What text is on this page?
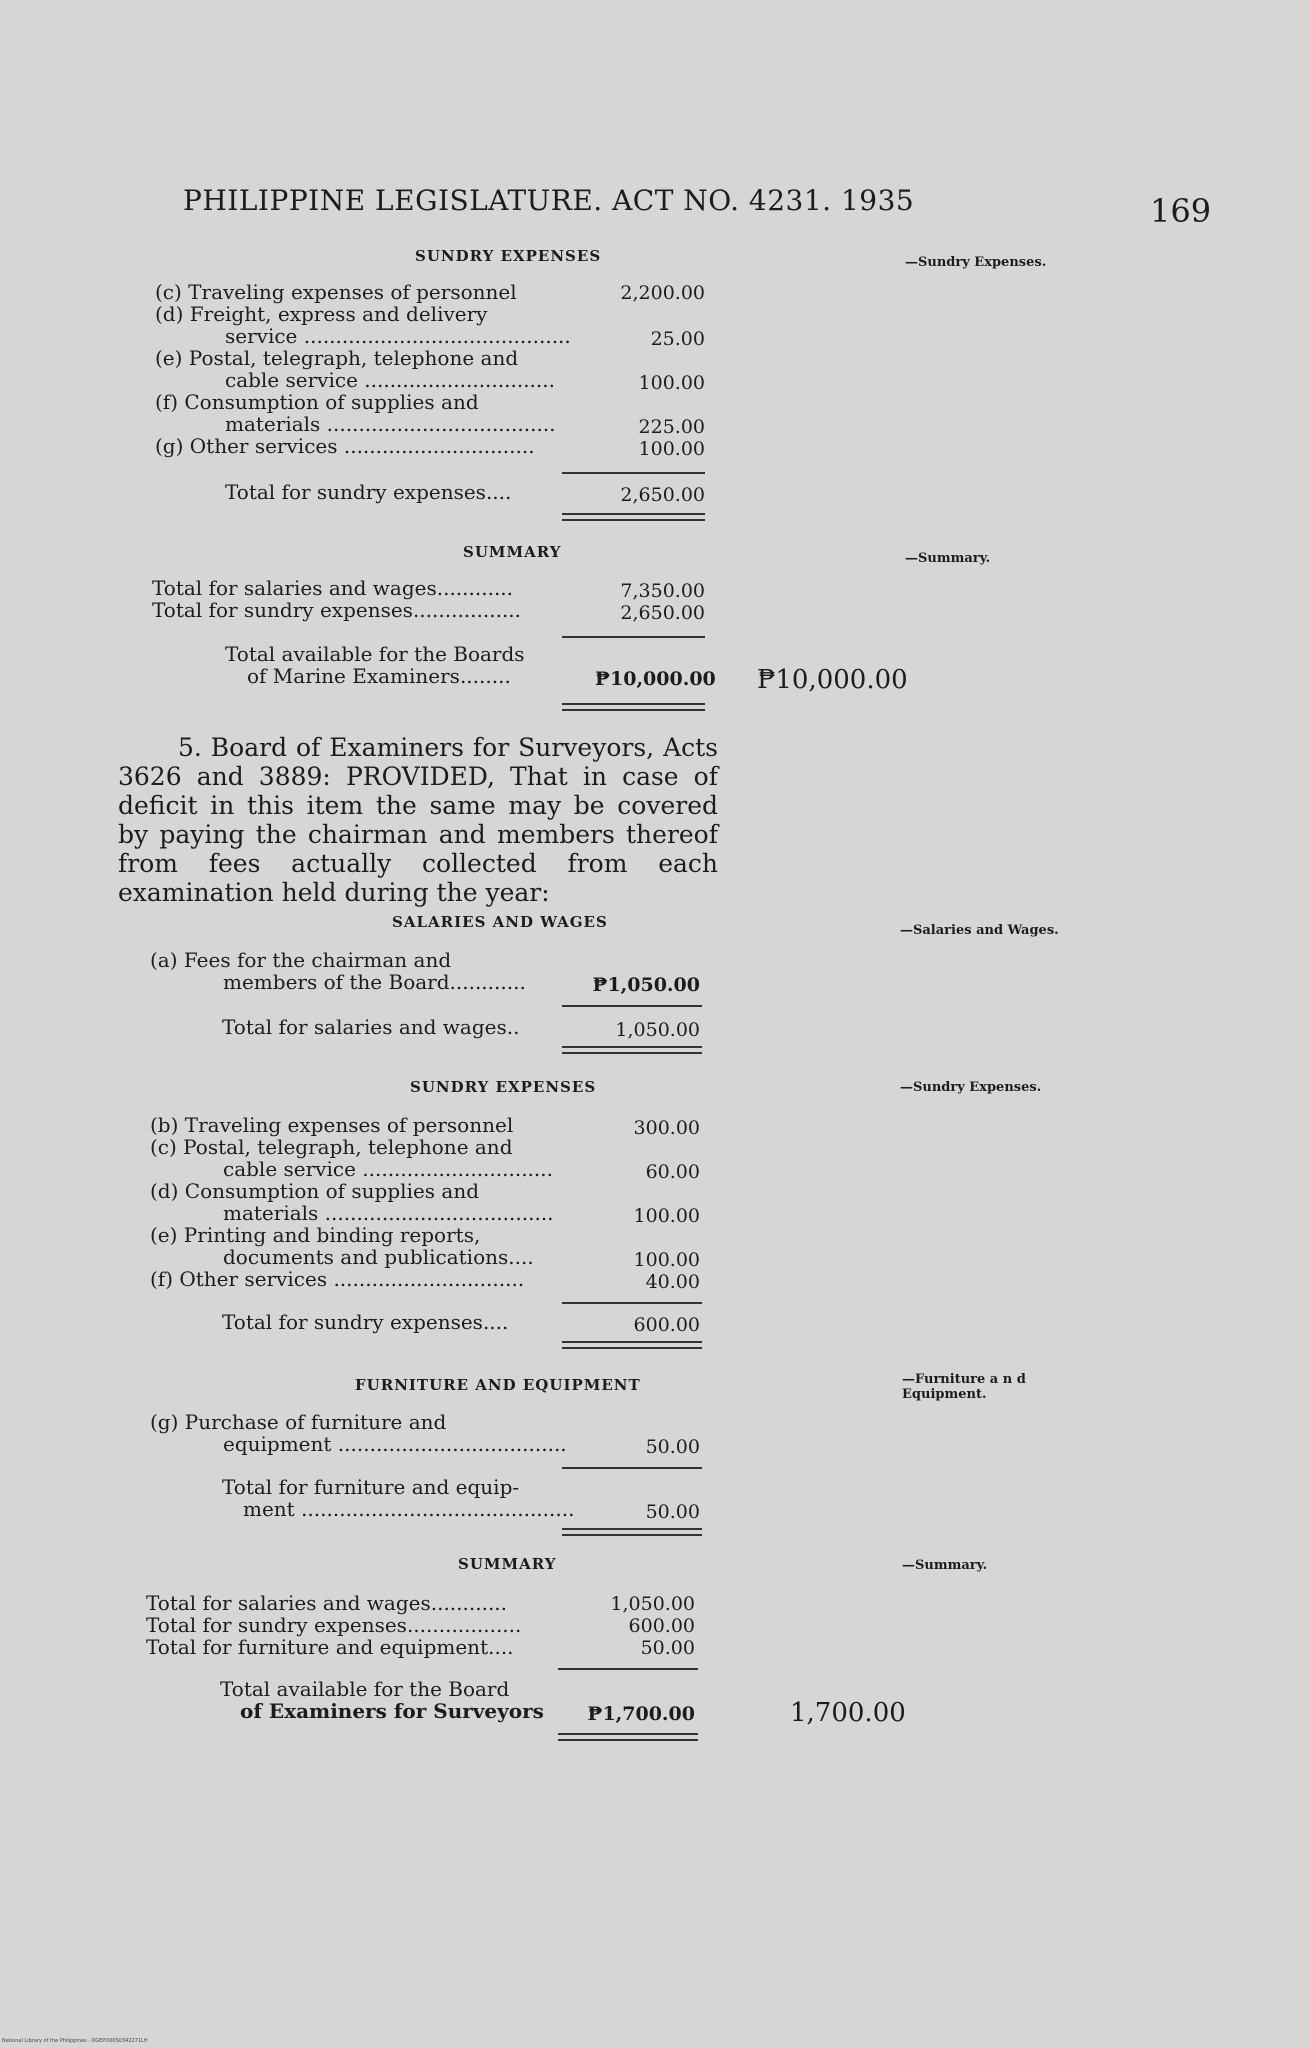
PHILIPPINE LEGISLATURE. ACT NO. 4231. 1935	169
SUNDRY EXPENSES	—Sundry Expenses.
(c) Traveling expenses of personnel	2,200.00
(d) Freight, express and delivery
service ..........................................	25.00
(e) Postal, telegraph, telephone and
cable service ..............................	100.00
(f) Consumption of supplies and
materials ....................................	225.00
(g) Other services ..............................	100.00
Total for sundry expenses....	2,650.00
SUMMARY	—Summary.
Total for salaries and wages............	7,350.00
Total for sundry expenses.................	2,650.00
Total available for the Boards
of Marine Examiners........	₱10,000.00 ₱10,000.00
5. Board of Examiners for Surveyors, Acts 3626 and 3889: PROVIDED, That in case of deficit in this item the same may be covered by paying the chairman and members thereof from fees actually collected from each examination held during the year:
SALARIES AND WAGES	—Salaries and Wages.
(a) Fees for the chairman and
members of the Board............	₱1,050.00
Total for salaries and wages..	1,050.00
SUNDRY EXPENSES	—Sundry Expenses.
(b) Traveling expenses of personnel	300.00
(c) Postal, telegraph, telephone and
cable service ..............................	60.00
(d) Consumption of supplies and
materials ....................................	100.00
(e) Printing and binding reports,
documents and publications....	100.00
(f) Other services ..............................	40.00
Total for sundry expenses....	600.00
FURNITURE AND EQUIPMENT	—Furniture a n d
Equipment.
(g) Purchase of furniture and
equipment ....................................	50.00
Total for furniture and equip-
ment ...........................................	50.00
SUMMARY	—Summary.
Total for salaries and wages............	1,050.00
Total for sundry expenses..................	600.00
Total for furniture and equipment....	50.00
Total available for the Board
of Examiners for Surveyors ₱1,700.00	1,700.00
National Library of the Philippines · DGEPO00S0342271LH
